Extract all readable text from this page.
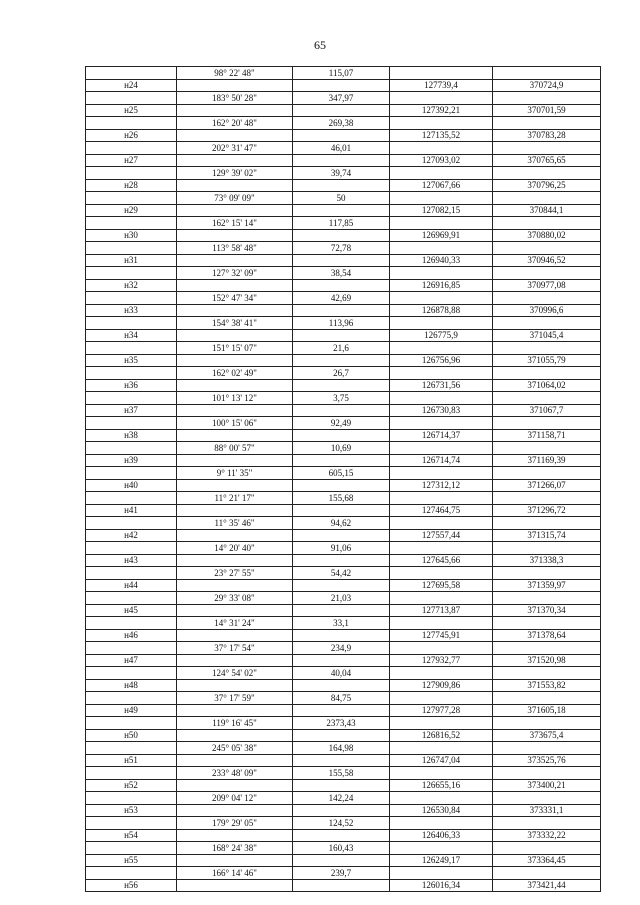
65
	98° 22' 48"	115,07		
н24			127739,4	370724,9
	183° 50' 28"	347,97		
н25			127392,21	370701,59
	162° 20' 48"	269,38		
н26			127135,52	370783,28
	202° 31' 47"	46,01		
н27			127093,02	370765,65
	129° 39' 02"	39,74		
н28			127067,66	370796,25
	73° 09' 09"	50		
н29			127082,15	370844,1
	162° 15' 14"	117,85		
н30			126969,91	370880,02
	113° 58' 48"	72,78		
н31			126940,33	370946,52
	127° 32' 09"	38,54		
н32			126916,85	370977,08
	152° 47' 34"	42,69		
н33			126878,88	370996,6
	154° 38' 41"	113,96		
н34			126775,9	371045,4
	151° 15' 07"	21,6		
н35			126756,96	371055,79
	162° 02' 49"	26,7		
н36			126731,56	371064,02
	101° 13' 12"	3,75		
н37			126730,83	371067,7
	100° 15' 06"	92,49		
н38			126714,37	371158,71
	88° 00' 57"	10,69		
н39			126714,74	371169,39
	9° 11' 35"	605,15		
н40			127312,12	371266,07
	11° 21' 17"	155,68		
н41			127464,75	371296,72
	11° 35' 46"	94,62		
н42			127557,44	371315,74
	14° 20' 40"	91,06		
н43			127645,66	371338,3
	23° 27' 55"	54,42		
н44			127695,58	371359,97
	29° 33' 08"	21,03		
н45			127713,87	371370,34
	14° 31' 24"	33,1		
н46			127745,91	371378,64
	37° 17' 54"	234,9		
н47			127932,77	371520,98
	124° 54' 02"	40,04		
н48			127909,86	371553,82
	37° 17' 59"	84,75		
н49			127977,28	371605,18
	119° 16' 45"	2373,43		
н50			126816,52	373675,4
	245° 05' 38"	164,98		
н51			126747,04	373525,76
	233° 48' 09"	155,58		
н52			126655,16	373400,21
	209° 04' 12"	142,24		
н53			126530,84	373331,1
	179° 29' 05"	124,52		
н54			126406,33	373332,22
	168° 24' 38"	160,43		
н55			126249,17	373364,45
	166° 14' 46"	239,7		
н56			126016,34	373421,44
